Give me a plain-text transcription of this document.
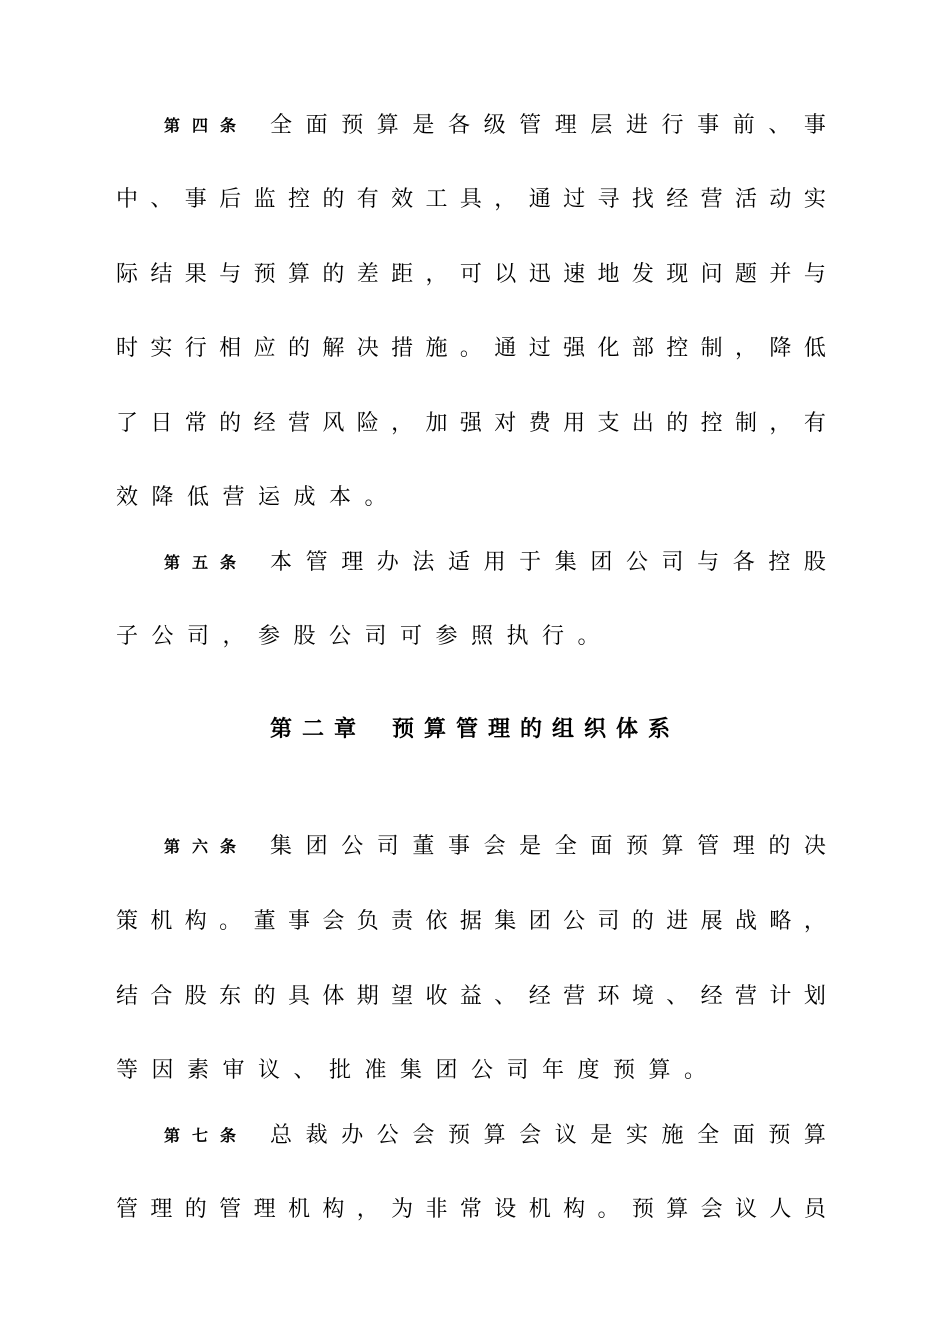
第四条 全 面 预 算 是 各 级 管 理 层 进 行 事 前 、 事
中 、 事 后 监 控 的 有 效 工 具 ， 通 过 寻 找 经 营 活 动 实
际 结 果 与 预 算 的 差 距 ， 可 以 迅 速 地 发 现 问 题 并 与
时 实 行 相 应 的 解 决 措 施 。 通 过 强 化 部 控 制 ， 降 低
了 日 常 的 经 营 风 险 ， 加 强 对 费 用 支 出 的 控 制 ， 有
效降低营运成本。
第五条 本 管 理 办 法 适 用 于 集 团 公 司 与 各 控 股
子公司，参股公司可参照执行。
第二章 预算管理的组织体系
第六条 集 团 公 司 董 事 会 是 全 面 预 算 管 理 的 决
策 机 构 。 董 事 会 负 责 依 据 集 团 公 司 的 进 展 战 略 ，
结 合 股 东 的 具 体 期 望 收 益 、 经 营 环 境 、 经 营 计 划
等因素审议、批准集团公司年度预算。
第七条 总 裁 办 公 会 预 算 会 议 是 实 施 全 面 预 算
管 理 的 管 理 机 构 ， 为 非 常 设 机 构 。 预 算 会 议 人 员
